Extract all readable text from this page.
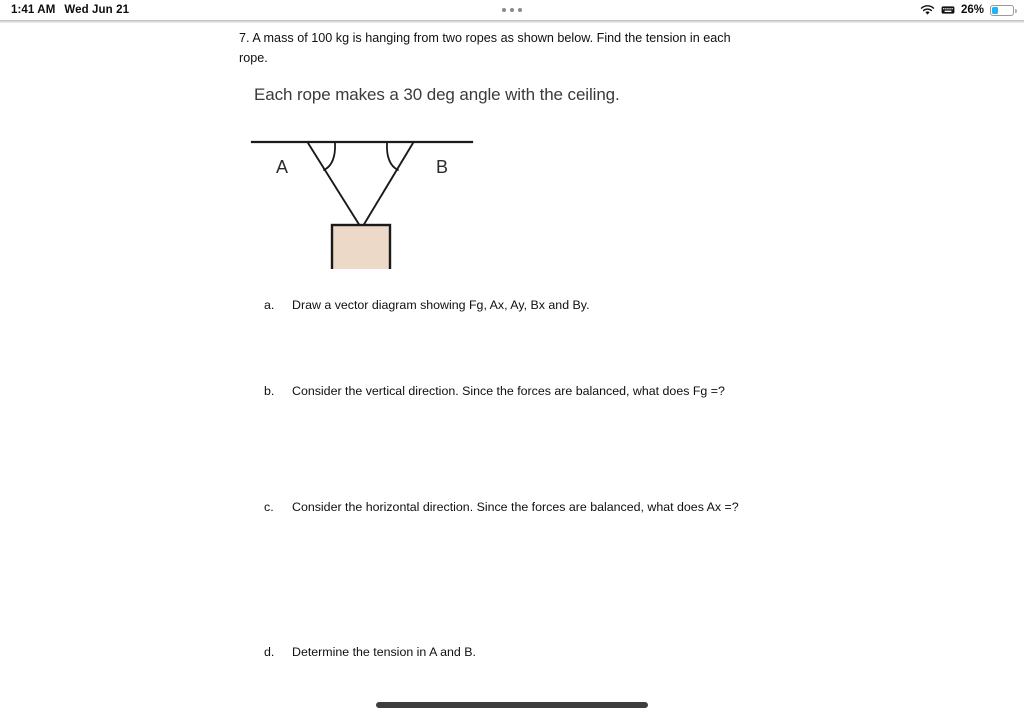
1:41 AM Wed Jun 21	26%
7. A mass of 100 kg is hanging from two ropes as shown below. Find the tension in each rope.
Each rope makes a 30 deg angle with the ceiling.
A	B
a. Draw a vector diagram showing Fg, Ax, Ay, Bx and By.
b. Consider the vertical direction. Since the forces are balanced, what does Fg =?
c. Consider the horizontal direction. Since the forces are balanced, what does Ax =?
d. Determine the tension in A and B.
